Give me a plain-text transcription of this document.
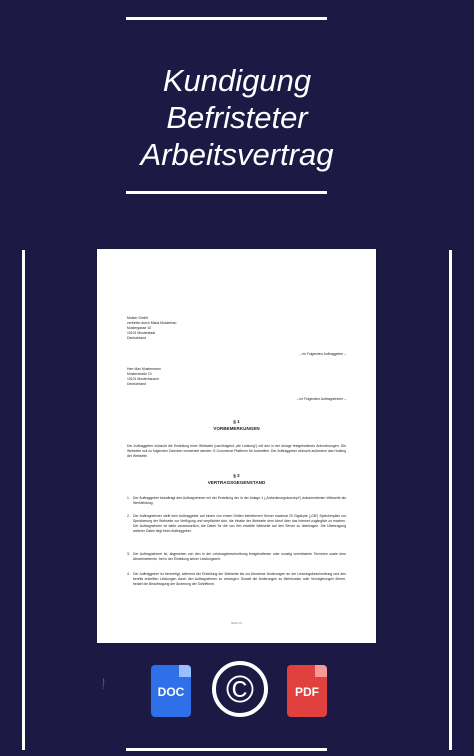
Kundigung
Befristeter
Arbeitsvertrag
Muster GmbH
vertreten durch Maria Musterfrau
Mustergasse 10
10101 Musterstadt
Deutschland
– im Folgenden Auftraggeber –
Herr Max Mustermann
Musterstraße 10
10101 Musterhausen
Deutschland
– im Folgenden Auftragnehmer –
§ 1
VORBEMERKUNGEN
Der Auftraggeber wünscht die Erstellung einer Webseite (nachfolgend „die Leistung“) mit den in der Anlage festgehaltenen Anforderungen. Die Webseite soll zu folgenden Zwecken verwendet werden: E-Commerce Plattform für Autoreifen. Der Auftraggeber wünscht außerdem das Hosting der Webseite.
§ 2
VERTRAGSGEGENSTAND
1. Der Auftraggeber beauftragt den Auftragnehmer mit der Erstellung der in der Anlage 1 („Anforderungskonzept“) dokumentierten Webseite als Werkleistung.
2. Der Auftragnehmer stellt dem Auftraggeber auf einem von einem Dritten betriebenen Server maximal 20 Gigabyte („GB“) Speicherplatz zur Speicherung der Webseite zur Verfügung und verpflichtet sich, die Inhalte der Webseite dem Abruf über das Internet zugänglich zu machen. Der Auftragnehmer ist dafür verantwortlich, die Daten für die von ihm erstellte Webseite auf den Server zu übertragen. Die Übertragung weiterer Daten liegt beim Auftraggeber.
3. Der Auftragnehmer ist, abgesehen von den in der Leistungsbeschreibung festgehaltenen oder sonstig vereinbarten Terminen sowie dem Abnahmetermin, frei in der Einteilung seiner Leistungszeit.
4. Der Auftraggeber ist berechtigt, während der Erstellung der Webseite bis zur Abnahme Änderungen an der Leistungsbeschreibung und den bereits erstellten Leistungen durch den Auftragnehmer zu verlangen. Soweit die Änderungen zu Mehrkosten oder Verzögerungen führen, bedarf die Beauftragung der Änderung der Schriftform.
© Vorlagen
SEITE 1/9
DOC ©	PDF
